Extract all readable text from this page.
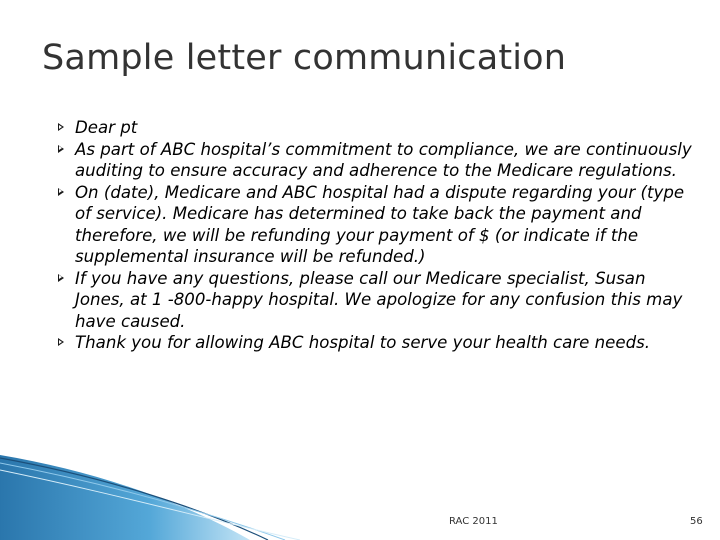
Sample letter communication
Dear pt
As part of ABC hospital’s commitment to compliance, we are continuously auditing to ensure accuracy and adherence to the Medicare regulations.
On (date), Medicare and ABC hospital had a dispute regarding your (type of service). Medicare has determined to take back the payment and therefore, we will be refunding your payment of $ (or indicate if the supplemental insurance will be refunded.)
If you have any questions, please call our Medicare specialist, Susan Jones, at 1 -800-happy hospital. We apologize for any confusion this may have caused.
Thank you for allowing ABC hospital to serve your health care needs.
RAC 2011	56
